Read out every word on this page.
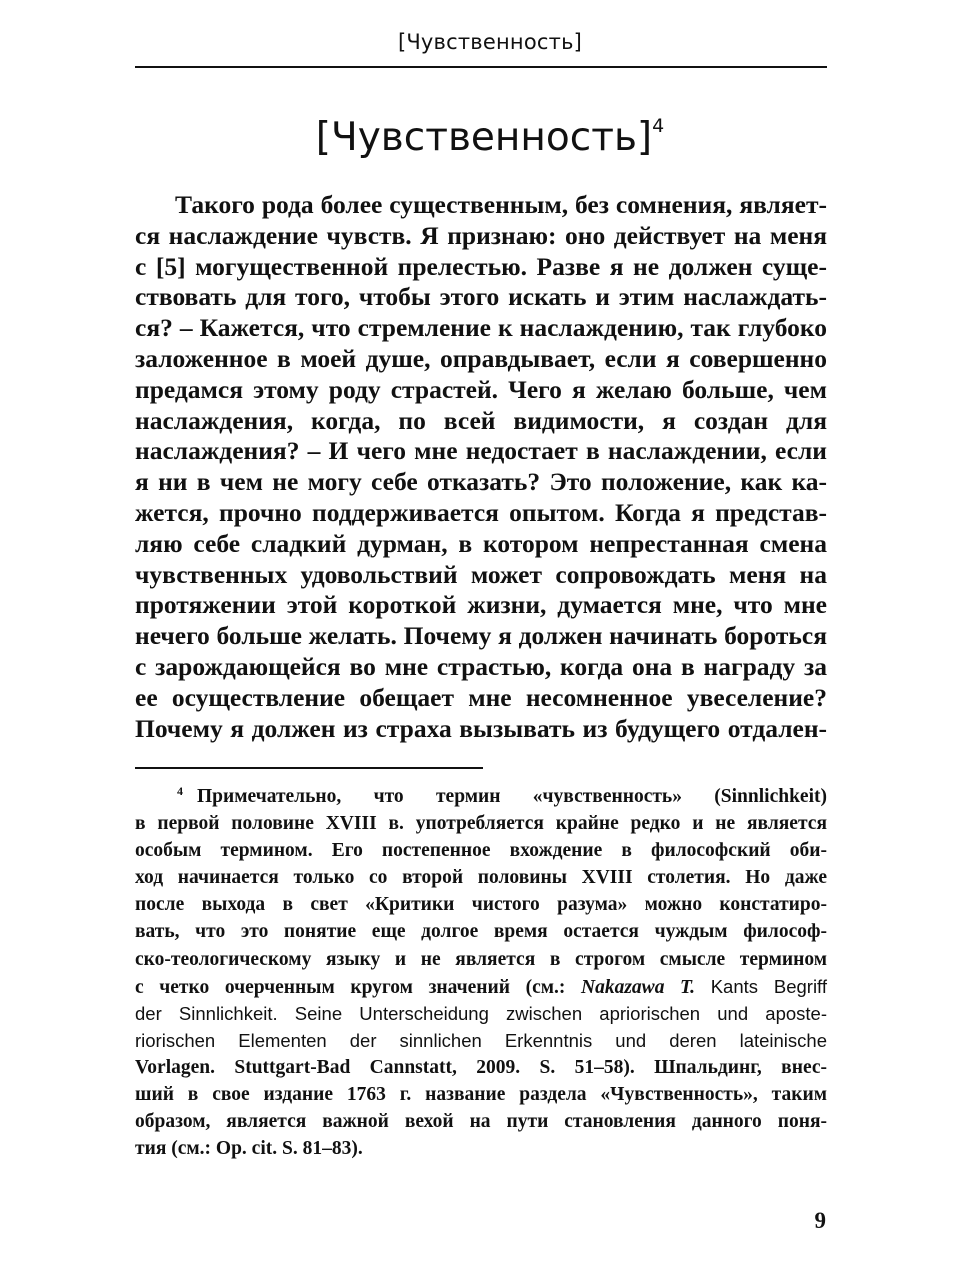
[Чувственность]
[Чувственность]$^4$
Такого рода более существенным, без сомнения, являет-
ся наслаждение чувств. Я признаю: оно действует на меня
с [5] могущественной прелестью. Разве я не должен суще-
ствовать для того, чтобы этого искать и этим наслаждать-
ся? – Кажется, что стремление к наслаждению, так глубоко
заложенное в моей душе, оправдывает, если я совершенно
предамся этому роду страстей. Чего я желаю больше, чем
наслаждения, когда, по всей видимости, я создан для
наслаждения? – И чего мне недостает в наслаждении, если
я ни в чем не могу себе отказать? Это положение, как ка-
жется, прочно поддерживается опытом. Когда я представ-
ляю себе сладкий дурман, в котором непрестанная смена
чувственных удовольствий может сопровождать меня на
протяжении этой короткой жизни, думается мне, что мне
нечего больше желать. Почему я должен начинать бороться
с зарождающейся во мне страстью, когда она в награду за
ее осуществление обещает мне несомненное увеселение?
Почему я должен из страха вызывать из будущего отдален-
$^4$ Примечательно, что термин «чувственность» (Sinnlichkeit)
в первой половине XVIII в. употребляется крайне редко и не является
особым термином. Его постепенное вхождение в философский оби-
ход начинается только со второй половины XVIII столетия. Но даже
после выхода в свет «Критики чистого разума» можно констатиро-
вать, что это понятие еще долгое время остается чуждым философ-
ско-теологическому языку и не является в строгом смысле термином
с четко очерченным кругом значений (см.: Nakazawa T. Kants Begriff
der Sinnlichkeit. Seine Unterscheidung zwischen apriorischen und aposte-
riorischen Elementen der sinnlichen Erkenntnis und deren lateinische
Vorlagen. Stuttgart-Bad Cannstatt, 2009. S. 51–58). Шпальдинг, внес-
ший в свое издание 1763 г. название раздела «Чувственность», таким
образом, является важной вехой на пути становления данного поня-
тия (см.: Op. cit. S. 81–83).
9
